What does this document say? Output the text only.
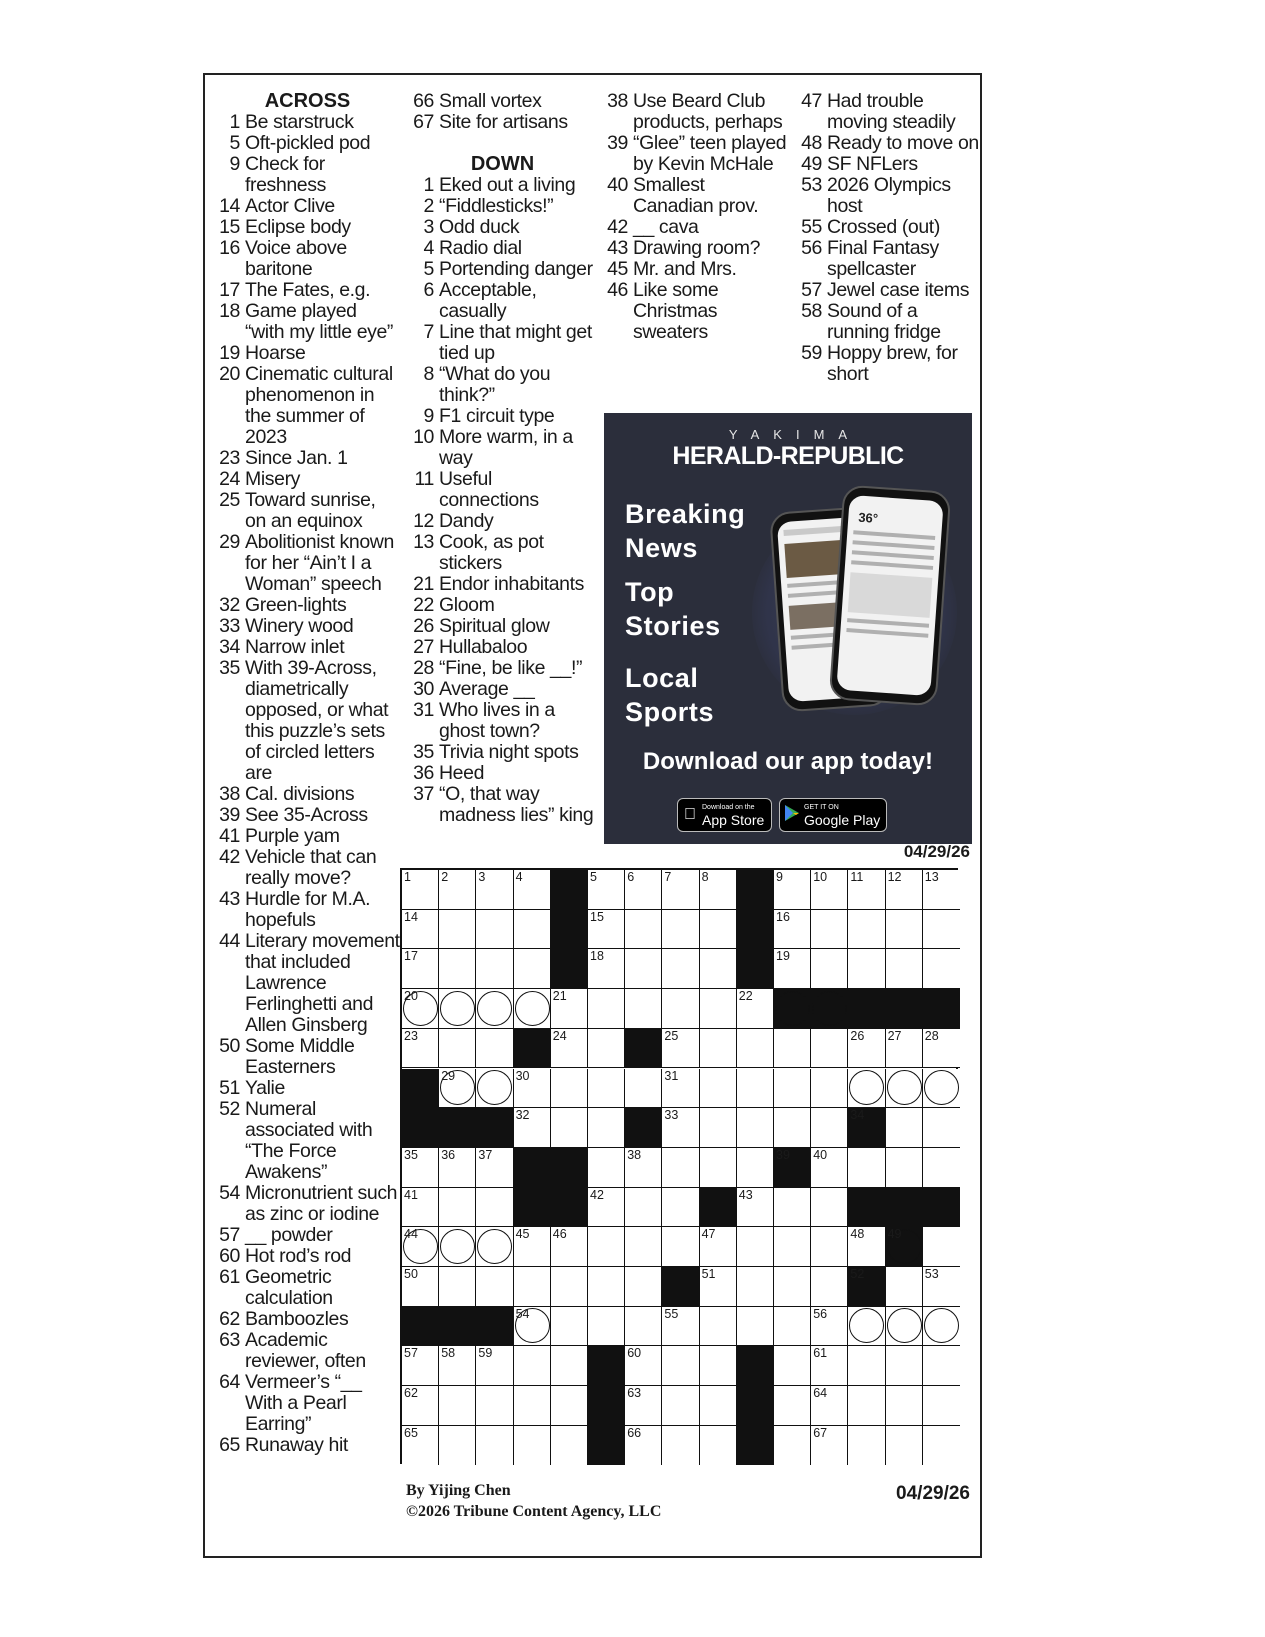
ACROSS
1 Be starstruck
5 Oft-pickled pod
9 Check for freshness
14 Actor Clive
15 Eclipse body
16 Voice above baritone
17 The Fates, e.g.
18 Game played “with my little eye”
19 Hoarse
20 Cinematic cultural phenomenon in the summer of 2023
23 Since Jan. 1
24 Misery
25 Toward sunrise, on an equinox
29 Abolitionist known for her “Ain’t I a Woman” speech
32 Green-lights
33 Winery wood
34 Narrow inlet
35 With 39-Across, diametrically opposed, or what this puzzle’s sets of circled letters are
38 Cal. divisions
39 See 35-Across
41 Purple yam
42 Vehicle that can really move?
43 Hurdle for M.A. hopefuls
44 Literary movement that included Lawrence Ferlinghetti and Allen Ginsberg
50 Some Middle Easterners
51 Yalie
52 Numeral associated with “The Force Awakens”
54 Micronutrient such as zinc or iodine
57 __ powder
60 Hot rod’s rod
61 Geometric calculation
62 Bamboozles
63 Academic reviewer, often
64 Vermeer’s “__ With a Pearl Earring”
65 Runaway hit
66 Small vortex
67 Site for artisans
DOWN
1 Eked out a living
2 “Fiddlesticks!”
3 Odd duck
4 Radio dial
5 Portending danger
6 Acceptable, casually
7 Line that might get tied up
8 “What do you think?”
9 F1 circuit type
10 More warm, in a way
11 Useful connections
12 Dandy
13 Cook, as pot stickers
21 Endor inhabitants
22 Gloom
26 Spiritual glow
27 Hullabaloo
28 “Fine, be like __!”
30 Average __
31 Who lives in a ghost town?
35 Trivia night spots
36 Heed
37 “O, that way madness lies” king
38 Use Beard Club products, perhaps
39 “Glee” teen played by Kevin McHale
40 Smallest Canadian prov.
42 __ cava
43 Drawing room?
45 Mr. and Mrs.
46 Like some Christmas sweaters
47 Had trouble moving steadily
48 Ready to move on
49 SF NFLers
53 2026 Olympics host
55 Crossed (out)
56 Final Fantasy spellcaster
57 Jewel case items
58 Sound of a running fridge
59 Hoppy brew, for short
YAKIMA
HERALD-REPUBLIC
Breaking
News
Top
Stories
Local
Sports
36°
Download our app today!
Download on the
App Store
GET IT ON
Google Play
04/29/26
1 2 3 4	5 6 7 8	9 10 11 12 13
14	15	16
17	18	19
20	21	22
23	24	25	26 27 28
29	30	31
32	33	34
35 36 37	38	39 40
41	42	43
44	45 46	47	48 49
50	51	52	53
54	55	56
57 58 59	60	61
62	63	64
65	66	67
By Yijing Chen
©2026 Tribune Content Agency, LLC
04/29/26
